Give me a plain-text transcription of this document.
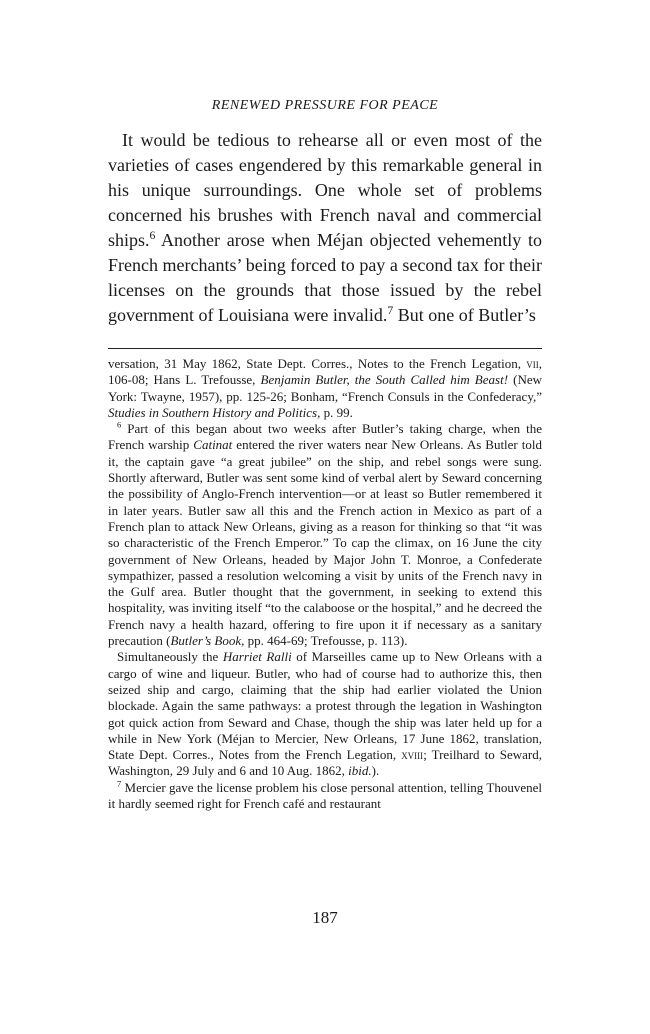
RENEWED PRESSURE FOR PEACE

It would be tedious to rehearse all or even most of the varieties of cases engendered by this remarkable general in his unique surroundings. One whole set of problems concerned his brushes with French naval and commercial ships.$^6$ Another arose when Méjan objected vehemently to French merchants’ being forced to pay a second tax for their licenses on the grounds that those issued by the rebel government of Louisiana were invalid.$^7$ But one of Butler’s

versation, 31 May 1862, State Dept. Corres., Notes to the French Legation, vii, 106-08; Hans L. Trefousse, Benjamin Butler, the South Called him Beast! (New York: Twayne, 1957), pp. 125-26; Bonham, “French Consuls in the Confederacy,” Studies in Southern History and Politics, p. 99.

$^6$ Part of this began about two weeks after Butler’s taking charge, when the French warship Catinat entered the river waters near New Orleans. As Butler told it, the captain gave “a great jubilee” on the ship, and rebel songs were sung. Shortly afterward, Butler was sent some kind of verbal alert by Seward concerning the possibility of Anglo-French intervention—or at least so Butler remembered it in later years. Butler saw all this and the French action in Mexico as part of a French plan to attack New Orleans, giving as a reason for thinking so that “it was so characteristic of the French Emperor.” To cap the climax, on 16 June the city government of New Orleans, headed by Major John T. Monroe, a Confederate sympathizer, passed a resolution welcoming a visit by units of the French navy in the Gulf area. Butler thought that the government, in seeking to extend this hospitality, was inviting itself “to the calaboose or the hospital,” and he decreed the French navy a health hazard, offering to fire upon it if necessary as a sanitary precaution (Butler’s Book, pp. 464-69; Trefousse, p. 113).

Simultaneously the Harriet Ralli of Marseilles came up to New Orleans with a cargo of wine and liqueur. Butler, who had of course had to authorize this, then seized ship and cargo, claiming that the ship had earlier violated the Union blockade. Again the same pathways: a protest through the legation in Washington got quick action from Seward and Chase, though the ship was later held up for a while in New York (Méjan to Mercier, New Orleans, 17 June 1862, translation, State Dept. Corres., Notes from the French Legation, xviii; Treilhard to Seward, Washington, 29 July and 6 and 10 Aug. 1862, ibid.).

$^7$ Mercier gave the license problem his close personal attention, telling Thouvenel it hardly seemed right for French café and restaurant

187
